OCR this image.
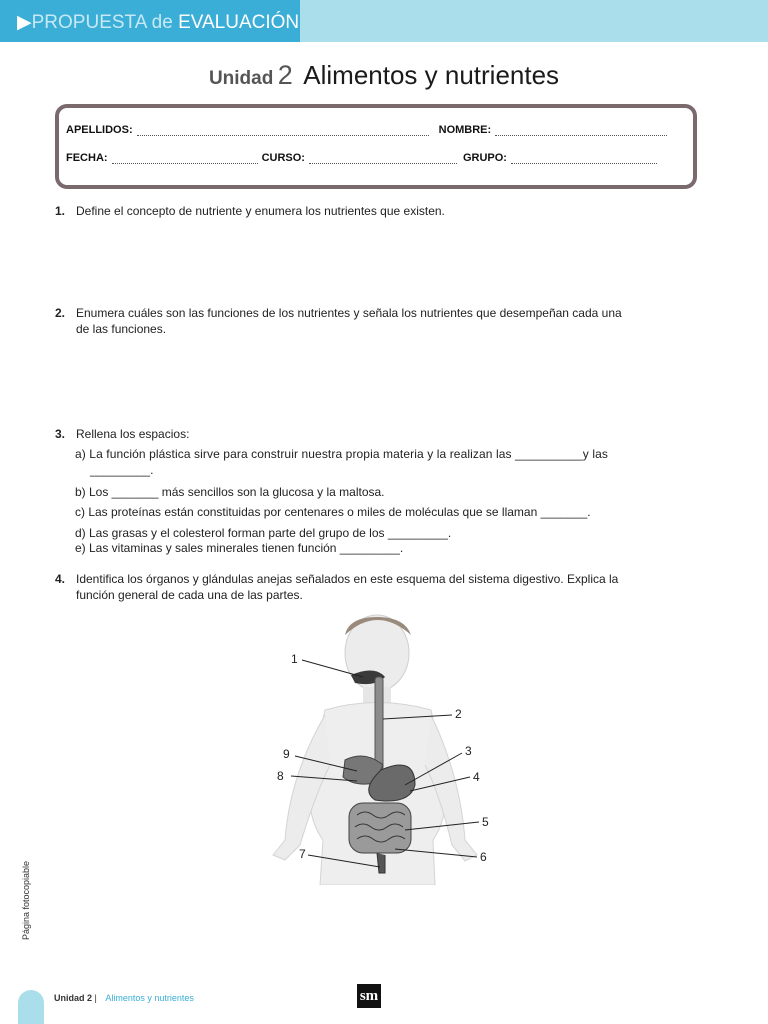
▶PROPUESTA de EVALUACIÓN
Unidad 2 Alimentos y nutrientes
APELLIDOS:	NOMBRE:
FECHA:	CURSO:	GRUPO:
1. Define el concepto de nutriente y enumera los nutrientes que existen.
2. Enumera cuáles son las funciones de los nutrientes y señala los nutrientes que desempeñan cada una
de las funciones.
3. Rellena los espacios:
a) La función plástica sirve para construir nuestra propia materia y la realizan las __________y las
_________.
b) Los _______ más sencillos son la glucosa y la maltosa.
c) Las proteínas están constituidas por centenares o miles de moléculas que se llaman _______.
d) Las grasas y el colesterol forman parte del grupo de los _________.
e) Las vitaminas y sales minerales tienen función _________.
4. Identifica los órganos y glándulas anejas señalados en este esquema del sistema digestivo. Explica la
función general de cada una de las partes.
1
2
3
4
5
6
7
8
9
Página fotocopiable
Unidad 2 | Alimentos y nutrientes	sm
